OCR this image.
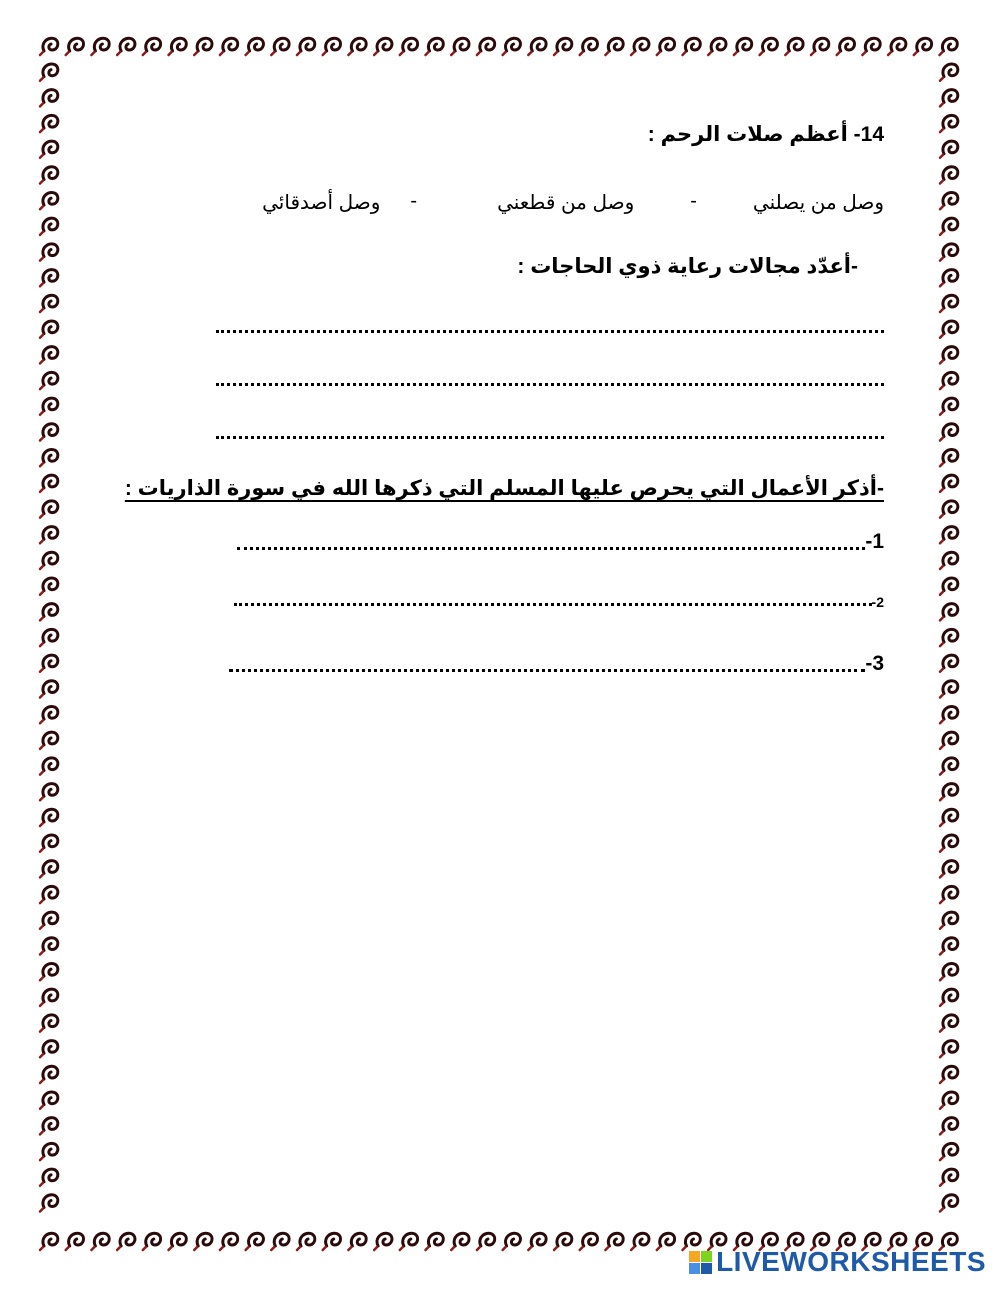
14- أعظم صلات الرحم :
وصل من يصلني
-
وصل من قطعني
-
وصل أصدقائي
-أعدّد مجالات رعاية ذوي الحاجات :
-أذكر الأعمال التي يحرص عليها المسلم التي ذكرها الله في سورة الذاريات :
1-
2-
3-
LIVEWORKSHEETS
